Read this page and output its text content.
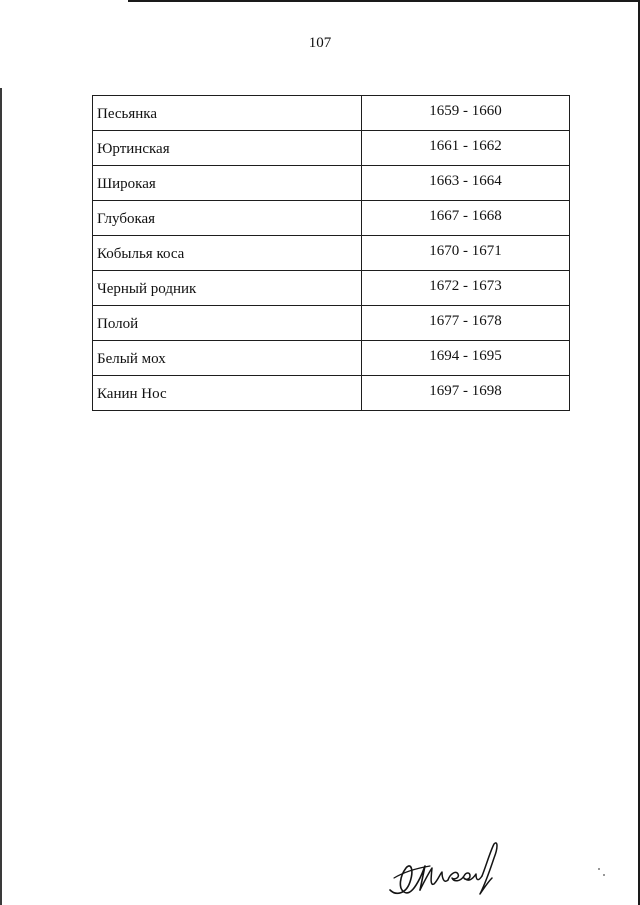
107
Песьянка	1659 - 1660
Юртинская	1661 - 1662
Широкая	1663 - 1664
Глубокая	1667 - 1668
Кобылья коса	1670 - 1671
Черный родник	1672 - 1673
Полой	1677 - 1678
Белый мох	1694 - 1695
Канин Нос	1697 - 1698
